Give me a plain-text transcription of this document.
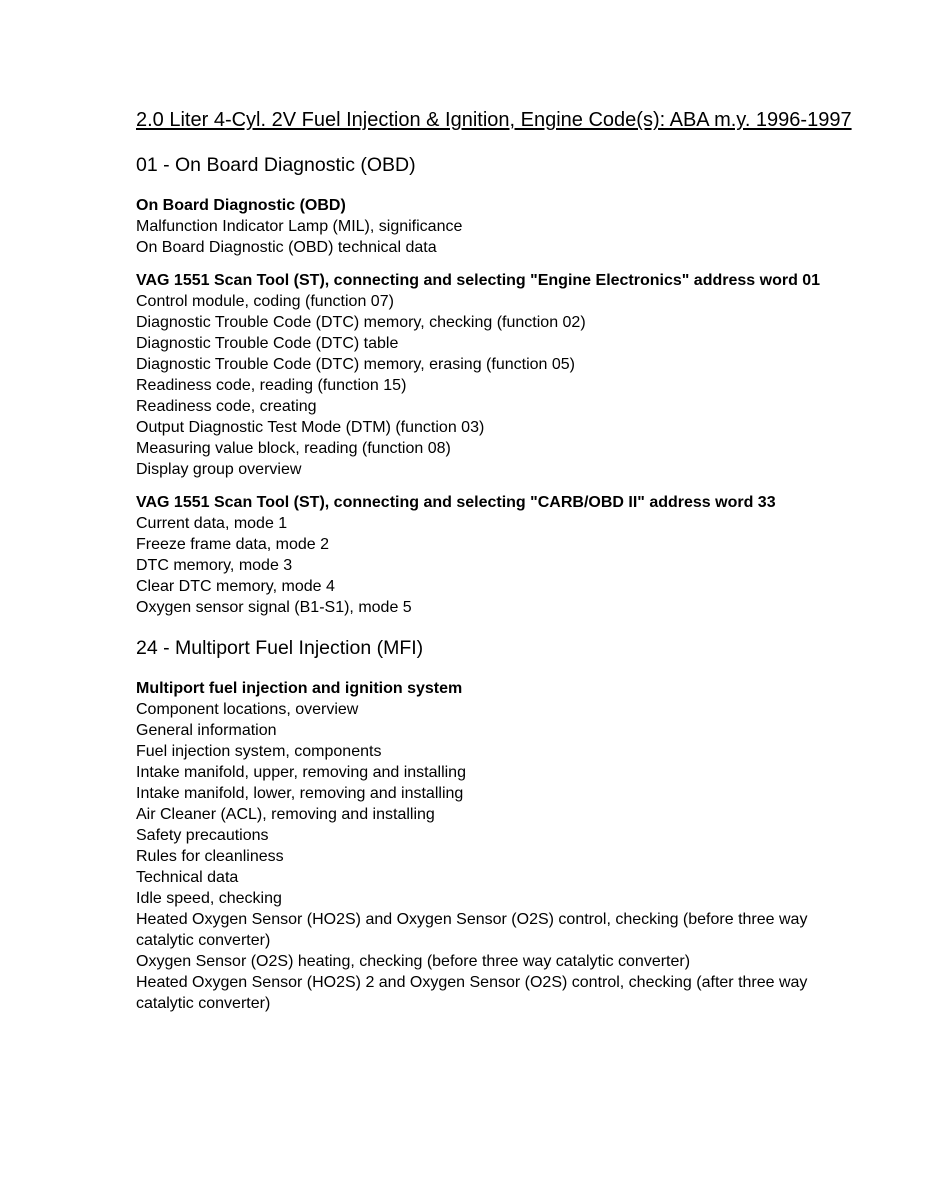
2.0 Liter 4-Cyl. 2V Fuel Injection & Ignition, Engine Code(s): ABA m.y. 1996-1997
01 - On Board Diagnostic (OBD)

On Board Diagnostic (OBD)

Malfunction Indicator Lamp (MIL), significance

On Board Diagnostic (OBD) technical data

VAG 1551 Scan Tool (ST), connecting and selecting "Engine Electronics" address word 01

Control module, coding (function 07)

Diagnostic Trouble Code (DTC) memory, checking (function 02)

Diagnostic Trouble Code (DTC) table

Diagnostic Trouble Code (DTC) memory, erasing (function 05)

Readiness code, reading (function 15)

Readiness code, creating

Output Diagnostic Test Mode (DTM) (function 03)

Measuring value block, reading (function 08)

Display group overview

VAG 1551 Scan Tool (ST), connecting and selecting "CARB/OBD II" address word 33

Current data, mode 1

Freeze frame data, mode 2

DTC memory, mode 3

Clear DTC memory, mode 4

Oxygen sensor signal (B1-S1), mode 5

24 - Multiport Fuel Injection (MFI)

Multiport fuel injection and ignition system

Component locations, overview

General information

Fuel injection system, components

Intake manifold, upper, removing and installing

Intake manifold, lower, removing and installing

Air Cleaner (ACL), removing and installing

Safety precautions

Rules for cleanliness

Technical data

Idle speed, checking

Heated Oxygen Sensor (HO2S) and Oxygen Sensor (O2S) control, checking (before three way catalytic converter)

Oxygen Sensor (O2S) heating, checking (before three way catalytic converter)

Heated Oxygen Sensor (HO2S) 2 and Oxygen Sensor (O2S) control, checking (after three way catalytic converter)
